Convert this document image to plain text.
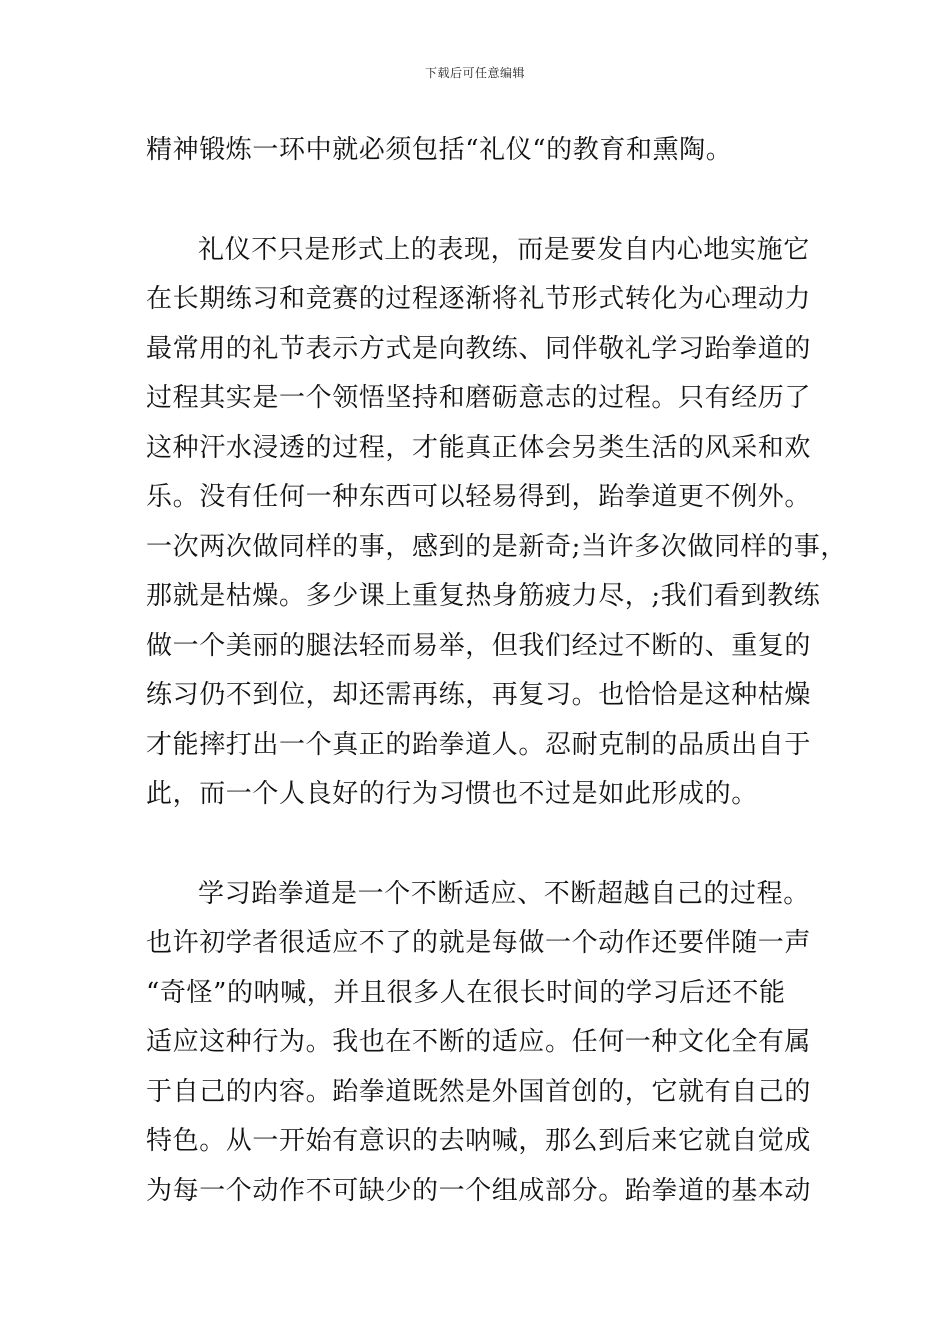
下载后可任意编辑
精神锻炼一环中就必须包括“礼仪“的教育和熏陶。
礼仪不只是形式上的表现，而是要发自内心地实施它
在长期练习和竞赛的过程逐渐将礼节形式转化为心理动力
最常用的礼节表示方式是向教练、同伴敬礼学习跆拳道的
过程其实是一个领悟坚持和磨砺意志的过程。只有经历了
这种汗水浸透的过程，才能真正体会另类生活的风采和欢
乐。没有任何一种东西可以轻易得到，跆拳道更不例外。
一次两次做同样的事，感到的是新奇;当许多次做同样的事，
那就是枯燥。多少课上重复热身筋疲力尽，;我们看到教练
做一个美丽的腿法轻而易举，但我们经过不断的、重复的
练习仍不到位，却还需再练，再复习。也恰恰是这种枯燥
才能摔打出一个真正的跆拳道人。忍耐克制的品质出自于
此，而一个人良好的行为习惯也不过是如此形成的。
学习跆拳道是一个不断适应、不断超越自己的过程。
也许初学者很适应不了的就是每做一个动作还要伴随一声
“奇怪”的呐喊，并且很多人在很长时间的学习后还不能
适应这种行为。我也在不断的适应。任何一种文化全有属
于自己的内容。跆拳道既然是外国首创的，它就有自己的
特色。从一开始有意识的去呐喊，那么到后来它就自觉成
为每一个动作不可缺少的一个组成部分。跆拳道的基本动
